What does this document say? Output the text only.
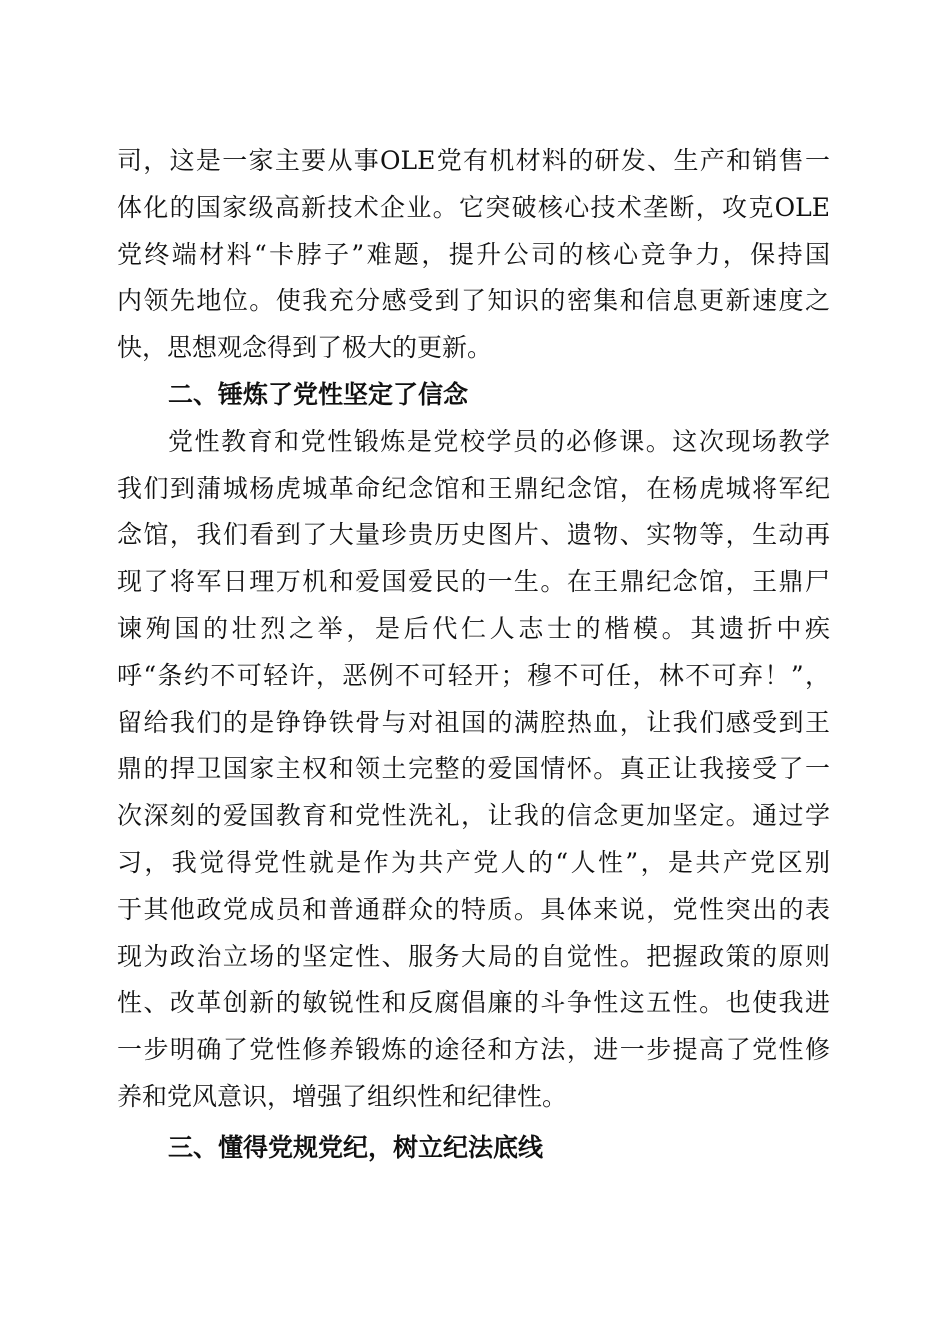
司，这是一家主要从事OLE党有机材料的研发、生产和销售一
体化的国家级高新技术企业。它突破核心技术垄断，攻克OLE
党终端材料“卡脖子”难题，提升公司的核心竞争力，保持国
内领先地位。使我充分感受到了知识的密集和信息更新速度之
快，思想观念得到了极大的更新。
二、锤炼了党性坚定了信念
党性教育和党性锻炼是党校学员的必修课。这次现场教学
我们到蒲城杨虎城革命纪念馆和王鼎纪念馆，在杨虎城将军纪
念馆，我们看到了大量珍贵历史图片、遗物、实物等，生动再
现了将军日理万机和爱国爱民的一生。在王鼎纪念馆，王鼎尸
谏殉国的壮烈之举，是后代仁人志士的楷模。其遗折中疾
呼“条约不可轻许，恶例不可轻开；穆不可任，林不可弃！”，
留给我们的是铮铮铁骨与对祖国的满腔热血，让我们感受到王
鼎的捍卫国家主权和领土完整的爱国情怀。真正让我接受了一
次深刻的爱国教育和党性洗礼，让我的信念更加坚定。通过学
习，我觉得党性就是作为共产党人的“人性”，是共产党区别
于其他政党成员和普通群众的特质。具体来说，党性突出的表
现为政治立场的坚定性、服务大局的自觉性。把握政策的原则
性、改革创新的敏锐性和反腐倡廉的斗争性这五性。也使我进
一步明确了党性修养锻炼的途径和方法，进一步提高了党性修
养和党风意识，增强了组织性和纪律性。
三、懂得党规党纪，树立纪法底线
